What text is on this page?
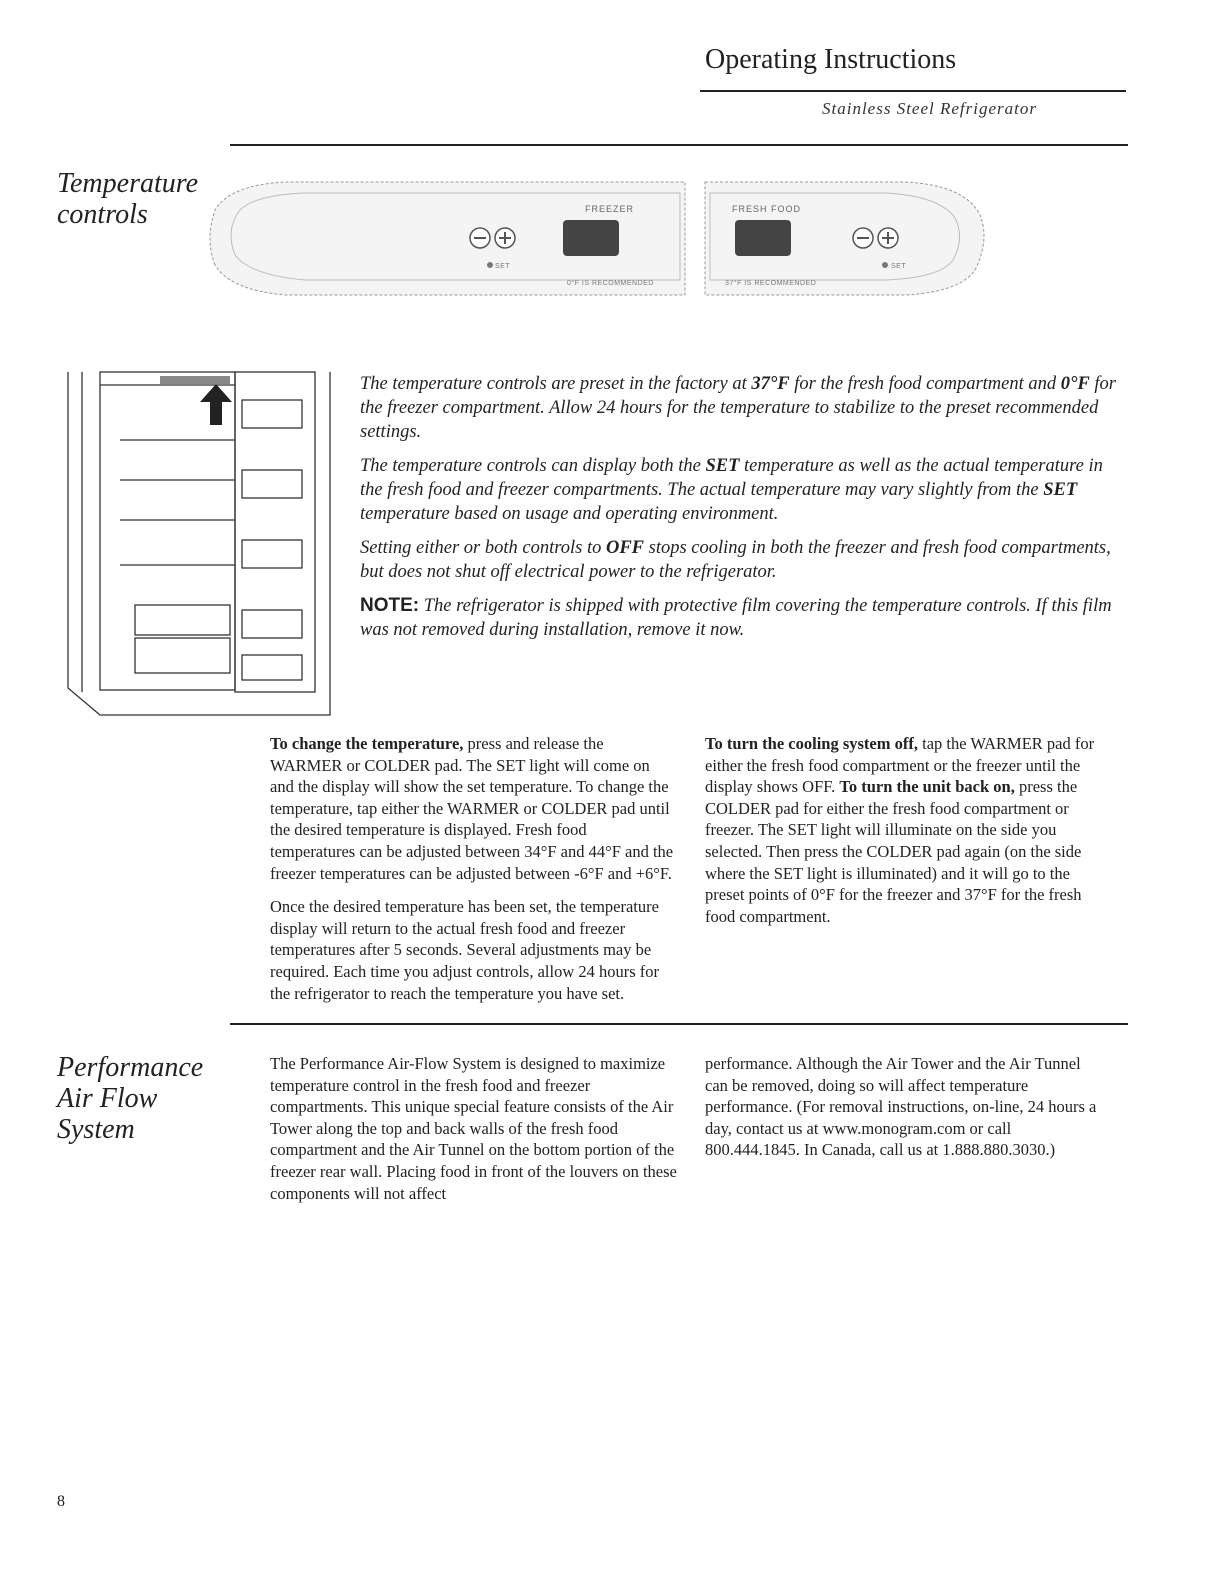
Operating Instructions
Stainless Steel Refrigerator
Temperature
controls	FREEZER
SET
0°F IS RECOMMENDED
FRESH FOOD
SET
37°F IS RECOMMENDED

The temperature controls are preset in the factory at 37°F for the fresh food compartment and 0°F for the freezer compartment. Allow 24 hours for the temperature to stabilize to the preset recommended settings.

The temperature controls can display both the SET temperature as well as the actual temperature in the fresh food and freezer compartments. The actual temperature may vary slightly from the SET temperature based on usage and operating environment.

Setting either or both controls to OFF stops cooling in both the freezer and fresh food compartments, but does not shut off electrical power to the refrigerator.

NOTE: The refrigerator is shipped with protective film covering the temperature controls. If this film was not removed during installation, remove it now.

To change the temperature, press and release the WARMER or COLDER pad. The SET light will come on and the display will show the set temperature. To change the temperature, tap either the WARMER or COLDER pad until the desired temperature is displayed. Fresh food temperatures can be adjusted between 34°F and 44°F and the freezer temperatures can be adjusted between -6°F and +6°F.

Once the desired temperature has been set, the temperature display will return to the actual fresh food and freezer temperatures after 5 seconds. Several adjustments may be required. Each time you adjust controls, allow 24 hours for the refrigerator to reach the temperature you have set.

To turn the cooling system off, tap the WARMER pad for either the fresh food compartment or the freezer until the display shows OFF. To turn the unit back on, press the COLDER pad for either the fresh food compartment or freezer. The SET light will illuminate on the side you selected. Then press the COLDER pad again (on the side where the SET light is illuminated) and it will go to the preset points of 0°F for the freezer and 37°F for the fresh food compartment.

Performance
Air Flow
System

The Performance Air-Flow System is designed to maximize temperature control in the fresh food and freezer compartments. This unique special feature consists of the Air Tower along the top and back walls of the fresh food compartment and the Air Tunnel on the bottom portion of the freezer rear wall. Placing food in front of the louvers on these components will not affect

performance. Although the Air Tower and the Air Tunnel can be removed, doing so will affect temperature performance. (For removal instructions, on-line, 24 hours a day, contact us at www.monogram.com or call 800.444.1845. In Canada, call us at 1.888.880.3030.)

8
